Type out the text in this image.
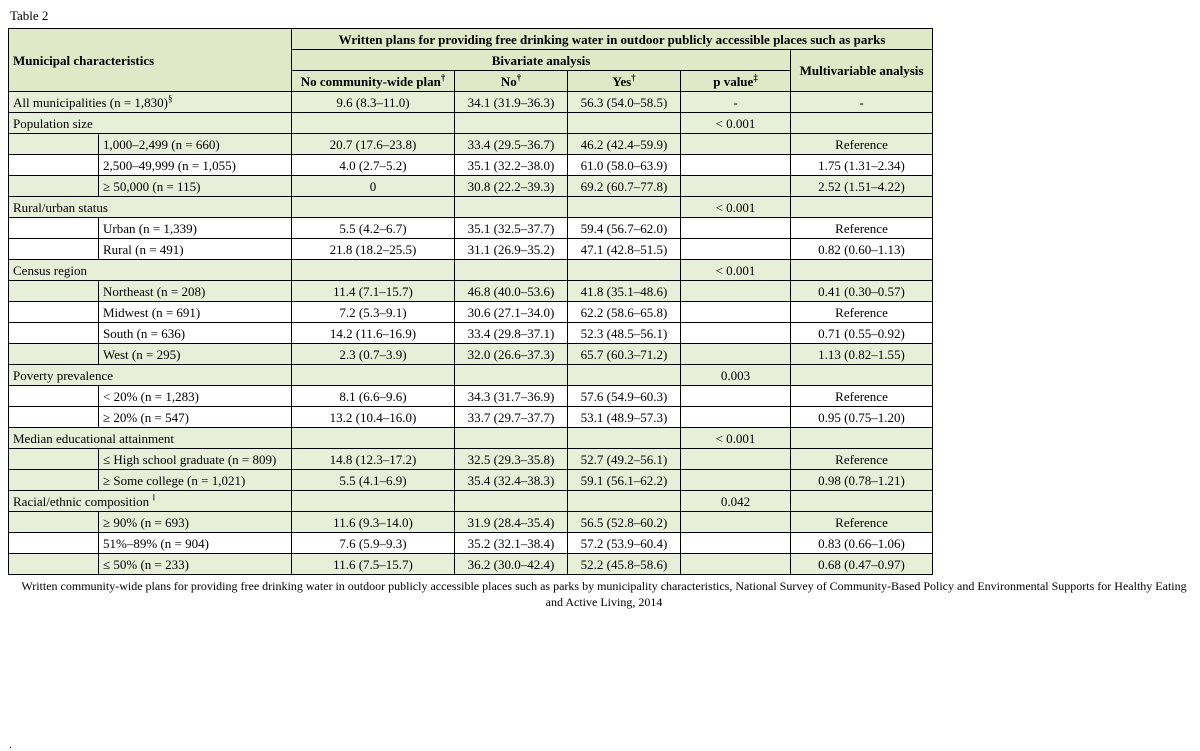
Table 2
Municipal characteristics		Written plans for providing free drinking water in outdoor publicly accessible places such as parks				
		Bivariate analysis				Multivariable analysis
		No community-wide plan†	No†	Yes†	p value‡
All municipalities (n = 1,830)§		9.6 (8.3–11.0)	34.1 (31.9–36.3)	56.3 (54.0–58.5)	-	-
Population size					< 0.001	
	1,000–2,499 (n = 660)	20.7 (17.6–23.8)	33.4 (29.5–36.7)	46.2 (42.4–59.9)		Reference
	2,500–49,999 (n = 1,055)	4.0 (2.7–5.2)	35.1 (32.2–38.0)	61.0 (58.0–63.9)		1.75 (1.31–2.34)
	≥ 50,000 (n = 115)	0	30.8 (22.2–39.3)	69.2 (60.7–77.8)		2.52 (1.51–4.22)
Rural/urban status					< 0.001	
	Urban (n = 1,339)	5.5 (4.2–6.7)	35.1 (32.5–37.7)	59.4 (56.7–62.0)		Reference
	Rural (n = 491)	21.8 (18.2–25.5)	31.1 (26.9–35.2)	47.1 (42.8–51.5)		0.82 (0.60–1.13)
Census region					< 0.001	
	Northeast (n = 208)	11.4 (7.1–15.7)	46.8 (40.0–53.6)	41.8 (35.1–48.6)		0.41 (0.30–0.57)
	Midwest (n = 691)	7.2 (5.3–9.1)	30.6 (27.1–34.0)	62.2 (58.6–65.8)		Reference
	South (n = 636)	14.2 (11.6–16.9)	33.4 (29.8–37.1)	52.3 (48.5–56.1)		0.71 (0.55–0.92)
	West (n = 295)	2.3 (0.7–3.9)	32.0 (26.6–37.3)	65.7 (60.3–71.2)		1.13 (0.82–1.55)
Poverty prevalence					0.003	
	< 20% (n = 1,283)	8.1 (6.6–9.6)	34.3 (31.7–36.9)	57.6 (54.9–60.3)		Reference
	≥ 20% (n = 547)	13.2 (10.4–16.0)	33.7 (29.7–37.7)	53.1 (48.9–57.3)		0.95 (0.75–1.20)
Median educational attainment					< 0.001	
	≤ High school graduate (n = 809)	14.8 (12.3–17.2)	32.5 (29.3–35.8)	52.7 (49.2–56.1)		Reference
	≥ Some college (n = 1,021)	5.5 (4.1–6.9)	35.4 (32.4–38.3)	59.1 (56.1–62.2)		0.98 (0.78–1.21)
Racial/ethnic composition ‖					0.042	
	≥ 90% (n = 693)	11.6 (9.3–14.0)	31.9 (28.4–35.4)	56.5 (52.8–60.2)		Reference
	51%–89% (n = 904)	7.6 (5.9–9.3)	35.2 (32.1–38.4)	57.2 (53.9–60.4)		0.83 (0.66–1.06)
	≤ 50% (n = 233)	11.6 (7.5–15.7)	36.2 (30.0–42.4)	52.2 (45.8–58.6)		0.68 (0.47–0.97)
Written community-wide plans for providing free drinking water in outdoor publicly accessible places such as parks by municipality characteristics, National Survey of Community-Based Policy and Environmental Supports for Healthy Eating and Active Living, 2014
.
